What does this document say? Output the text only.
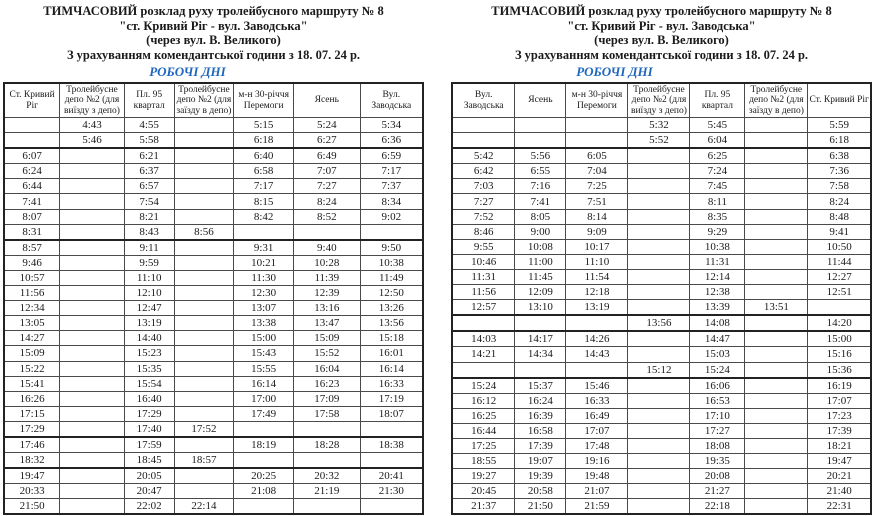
ТИМЧАСОВИЙ розклад руху тролейбусного маршруту № 8
"ст. Кривий Ріг - вул. Заводська"
(через вул. В. Великого)
З урахуванням комендантської години з 18. 07. 24 р.
РОБОЧІ ДНІ
Ст. Кривий Ріг	Тролейбусне депо №2 (для виїзду з депо)	Пл. 95 квартал	Тролейбусне депо №2 (для заїзду в депо)	м-н 30-річчя Перемоги	Ясень	Вул. Заводська
	4:43	4:55		5:15	5:24	5:34
	5:46	5:58		6:18	6:27	6:36
6:07		6:21		6:40	6:49	6:59
6:24		6:37		6:58	7:07	7:17
6:44		6:57		7:17	7:27	7:37
7:41		7:54		8:15	8:24	8:34
8:07		8:21		8:42	8:52	9:02
8:31		8:43	8:56			
8:57		9:11		9:31	9:40	9:50
9:46		9:59		10:21	10:28	10:38
10:57		11:10		11:30	11:39	11:49
11:56		12:10		12:30	12:39	12:50
12:34		12:47		13:07	13:16	13:26
13:05		13:19		13:38	13:47	13:56
14:27		14:40		15:00	15:09	15:18
15:09		15:23		15:43	15:52	16:01
15:22		15:35		15:55	16:04	16:14
15:41		15:54		16:14	16:23	16:33
16:26		16:40		17:00	17:09	17:19
17:15		17:29		17:49	17:58	18:07
17:29		17:40	17:52			
17:46		17:59		18:19	18:28	18:38
18:32		18:45	18:57			
19:47		20:05		20:25	20:32	20:41
20:33		20:47		21:08	21:19	21:30
21:50		22:02	22:14			
ТИМЧАСОВИЙ розклад руху тролейбусного маршруту № 8
"ст. Кривий Ріг - вул. Заводська"
(через вул. В. Великого)
З урахуванням комендантської години з 18. 07. 24 р.
РОБОЧІ ДНІ
Вул. Заводська	Ясень	м-н 30-річчя Перемоги	Тролейбусне депо №2 (для виїзду з депо)	Пл. 95 квартал	Тролейбусне депо №2 (для заїзду в депо)	Ст. Кривий Ріг
			5:32	5:45		5:59
			5:52	6:04		6:18
5:42	5:56	6:05		6:25		6:38
6:42	6:55	7:04		7:24		7:36
7:03	7:16	7:25		7:45		7:58
7:27	7:41	7:51		8:11		8:24
7:52	8:05	8:14		8:35		8:48
8:46	9:00	9:09		9:29		9:41
9:55	10:08	10:17		10:38		10:50
10:46	11:00	11:10		11:31		11:44
11:31	11:45	11:54		12:14		12:27
11:56	12:09	12:18		12:38		12:51
12:57	13:10	13:19		13:39	13:51	
			13:56	14:08		14:20
14:03	14:17	14:26		14:47		15:00
14:21	14:34	14:43		15:03		15:16
			15:12	15:24		15:36
15:24	15:37	15:46		16:06		16:19
16:12	16:24	16:33		16:53		17:07
16:25	16:39	16:49		17:10		17:23
16:44	16:58	17:07		17:27		17:39
17:25	17:39	17:48		18:08		18:21
18:55	19:07	19:16		19:35		19:47
19:27	19:39	19:48		20:08		20:21
20:45	20:58	21:07		21:27		21:40
21:37	21:50	21:59		22:18		22:31
